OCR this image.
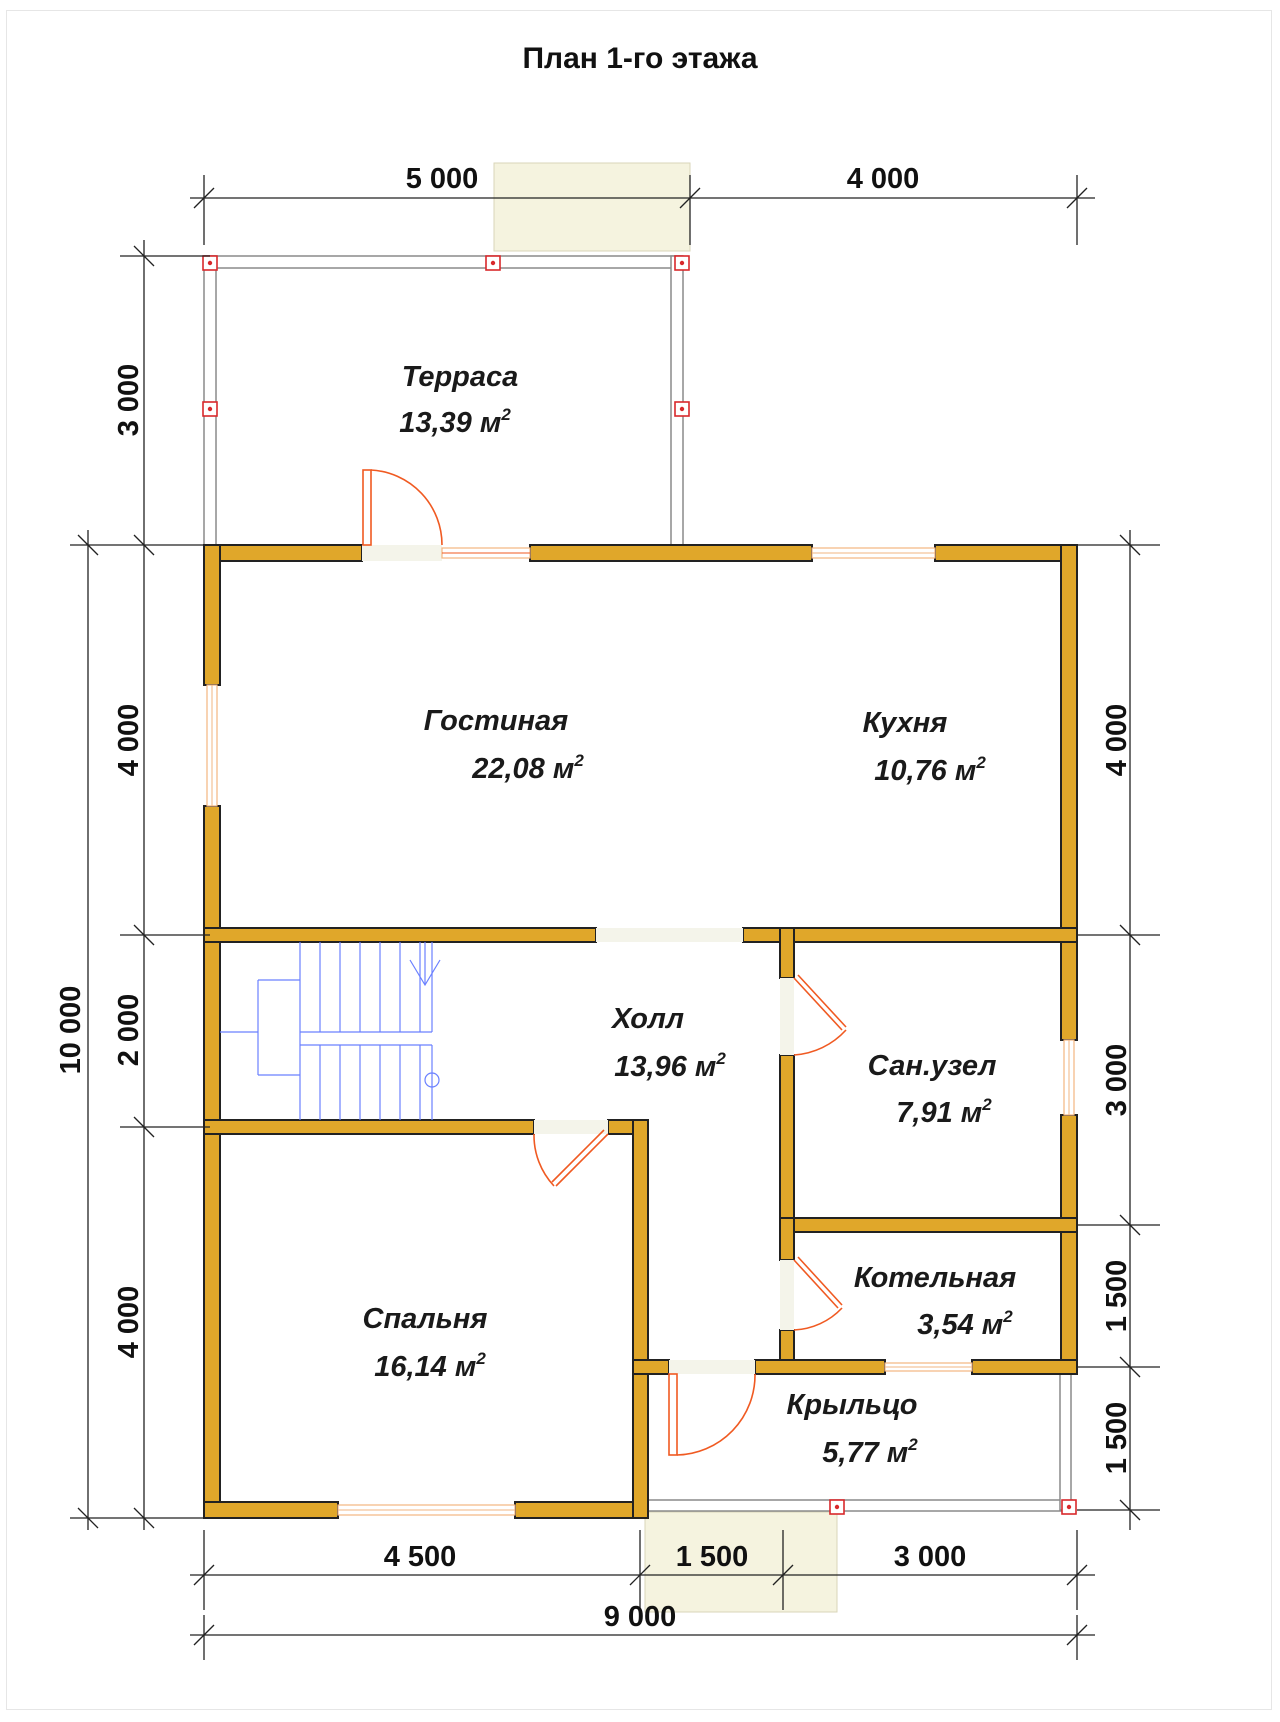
План 1-го этажа
Терраса
13,39 $м^2$
Гостиная
22,08 $м^2$
Кухня
10,76 $м^2$
Холл
13,96 $м^2$	Сан.узел
7,91 $м^2$
Котельная
3,54 $м^2$
Спальня
16,14 $м^2$
Крыльцо
5,77 $м^2$
5 000	4 000
4 500	1 500	3 000
9 000
3 000
4 000
2 000
4 000
10 000
4 000
3 000
1 500
1 500
